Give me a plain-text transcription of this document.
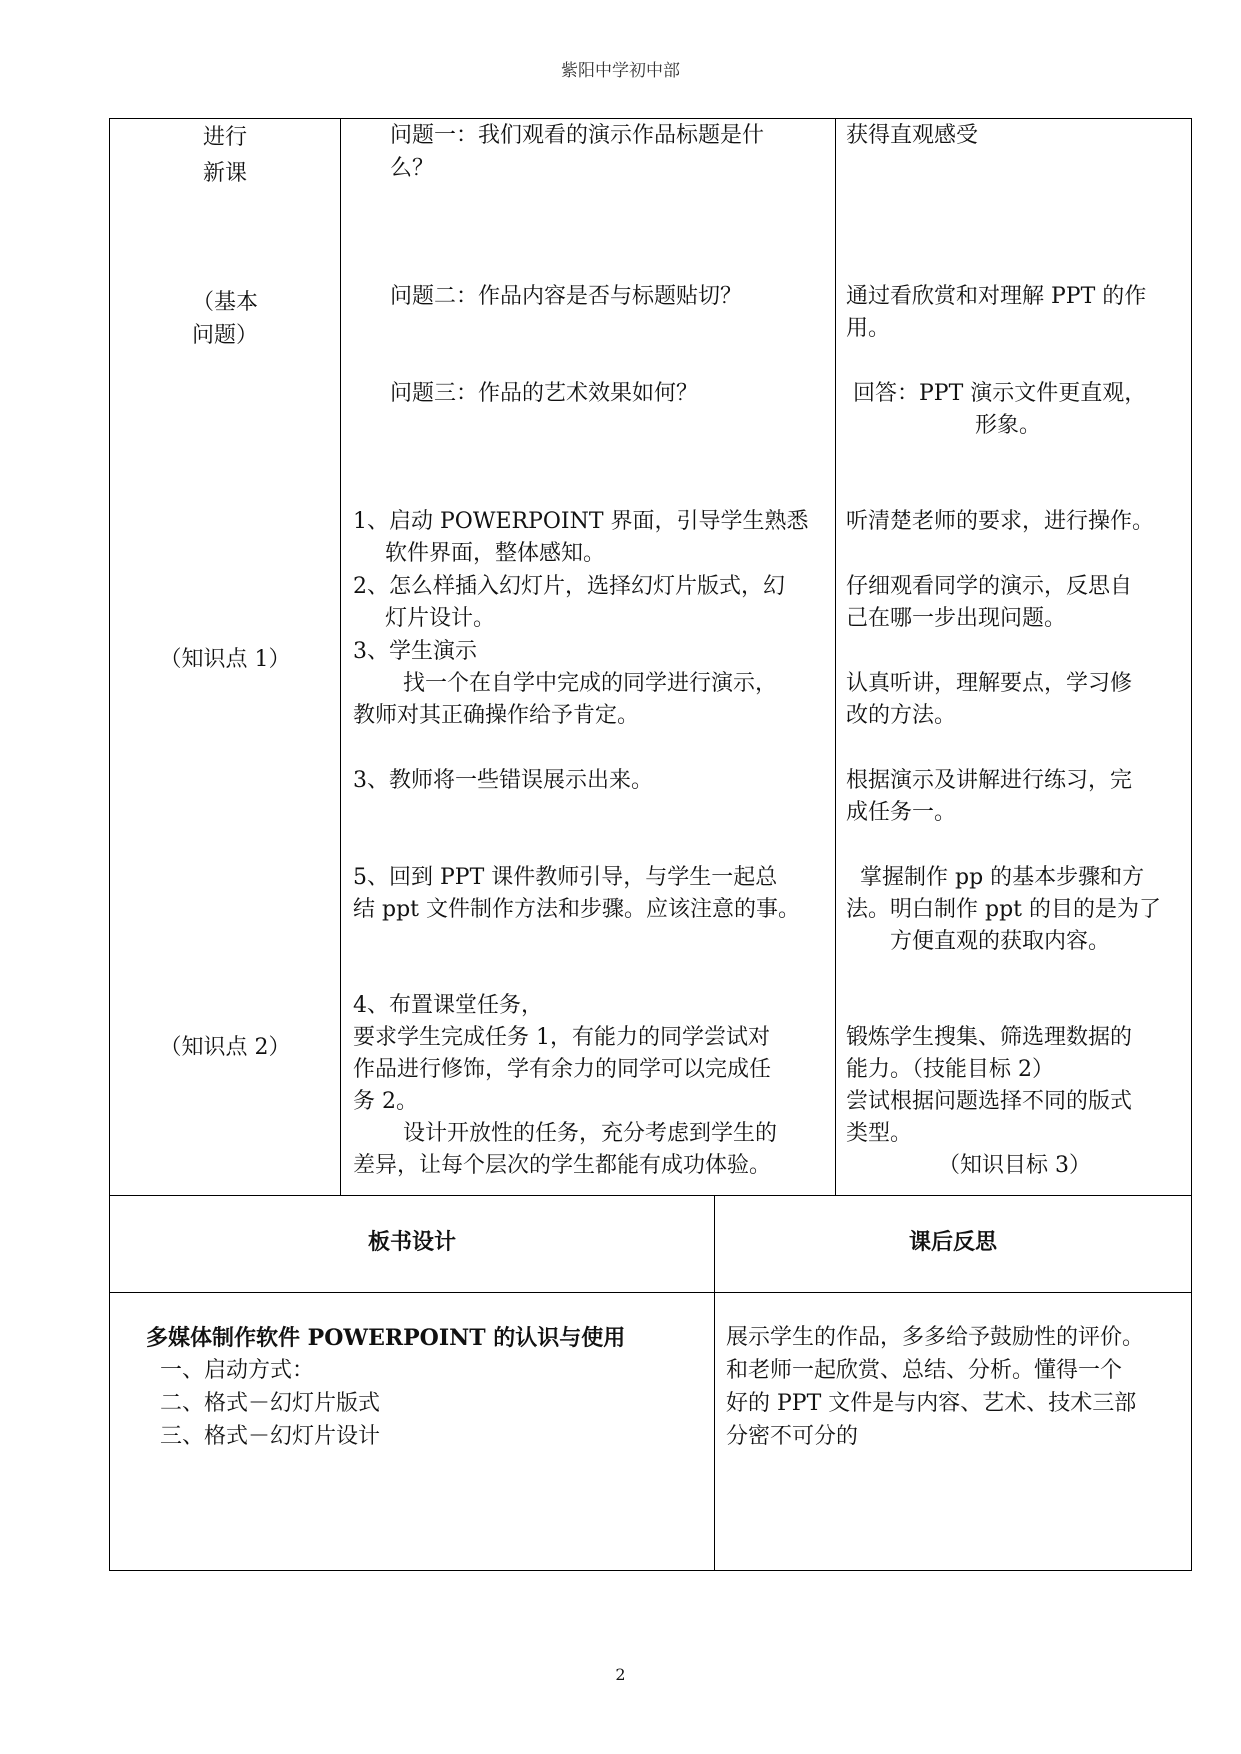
紫阳中学初中部
进行
新课
（基本
问题）
（知识点 1）
（知识点 2）
问题一：我们观看的演示作品标题是什
么？
问题二：作品内容是否与标题贴切？
问题三：作品的艺术效果如何？
1、启动 POWERPOINT 界面，引导学生熟悉
软件界面，整体感知。
2、怎么样插入幻灯片，选择幻灯片版式，幻
灯片设计。
3、学生演示
找一个在自学中完成的同学进行演示，
教师对其正确操作给予肯定。
3、教师将一些错误展示出来。
5、回到 PPT 课件教师引导，与学生一起总
结 ppt 文件制作方法和步骤。应该注意的事。
4、布置课堂任务，
要求学生完成任务 1，有能力的同学尝试对
作品进行修饰，学有余力的同学可以完成任
务 2。
设计开放性的任务，充分考虑到学生的
差异，让每个层次的学生都能有成功体验。
获得直观感受
通过看欣赏和对理解 PPT 的作
用。
回答：PPT 演示文件更直观，
形象。
听清楚老师的要求，进行操作。
仔细观看同学的演示，反思自
己在哪一步出现问题。
认真听讲，理解要点，学习修
改的方法。
根据演示及讲解进行练习，完
成任务一。
掌握制作 pp 的基本步骤和方
法。明白制作 ppt 的目的是为了
方便直观的获取内容。
锻炼学生搜集、筛选理数据的
能力。（技能目标 2）
尝试根据问题选择不同的版式
类型。
（知识目标 3）
板书设计	课后反思
多媒体制作软件 POWERPOINT 的认识与使用
一、启动方式：
二、格式－幻灯片版式
三、格式－幻灯片设计
展示学生的作品，多多给予鼓励性的评价。
和老师一起欣赏、总结、分析。懂得一个
好的 PPT 文件是与内容、艺术、技术三部
分密不可分的
2
